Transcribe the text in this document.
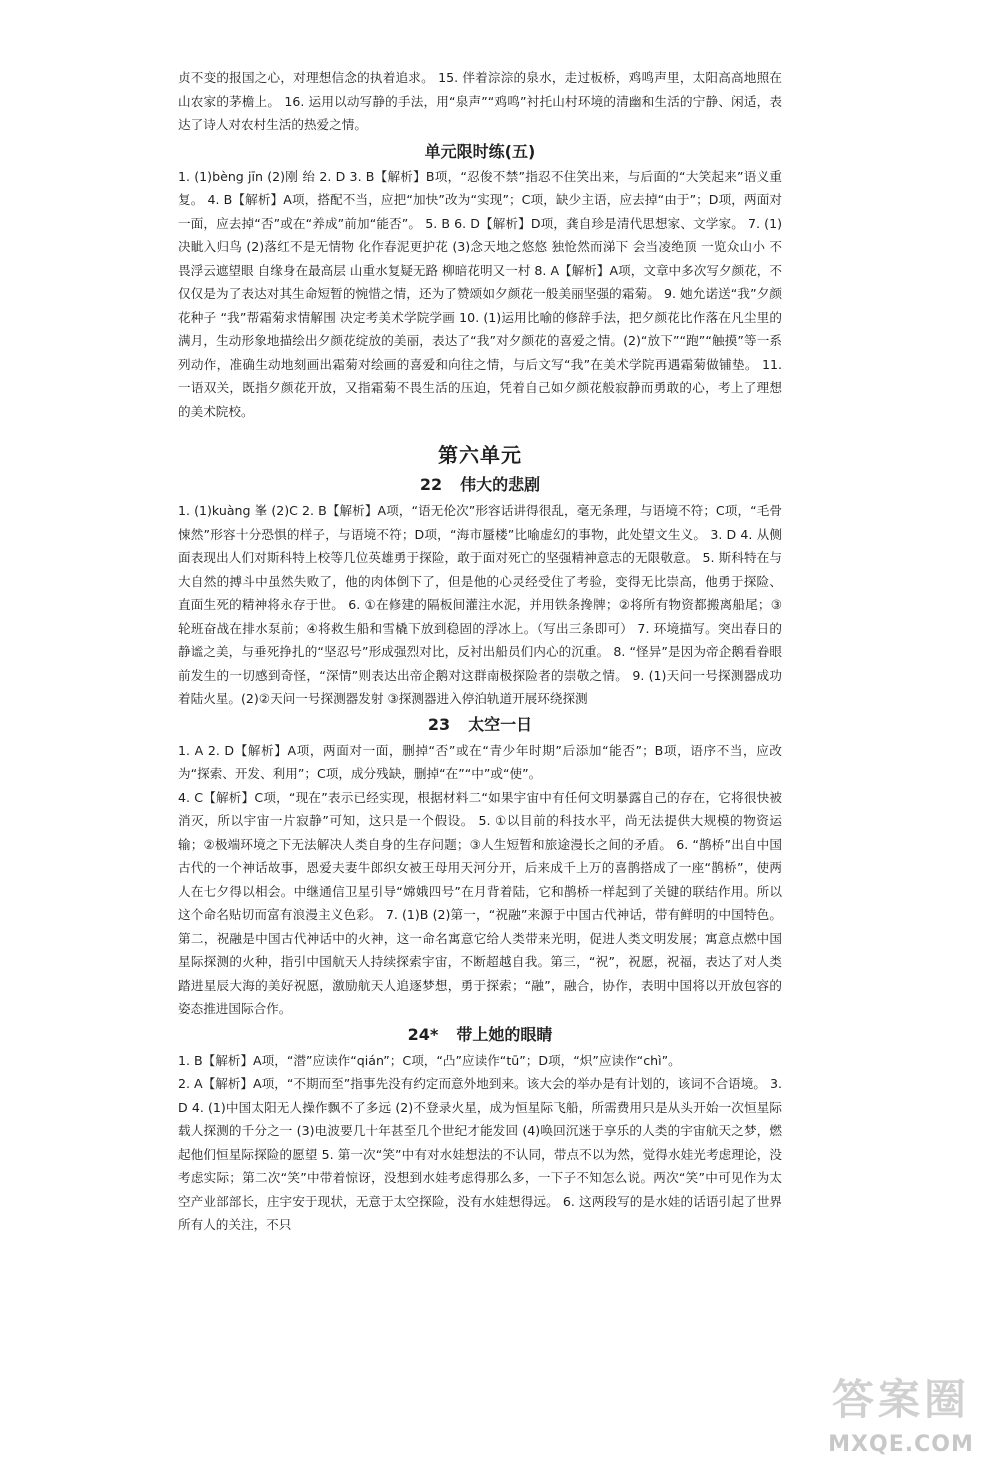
贞不变的报国之心，对理想信念的执着追求。 15. 伴着淙淙的泉水，走过板桥，鸡鸣声里，太阳高高地照在山农家的茅檐上。 16. 运用以动写静的手法，用“泉声”“鸡鸣”衬托山村环境的清幽和生活的宁静、闲适，表达了诗人对农村生活的热爱之情。

单元限时练(五)

1. (1)bèng jīn (2)刚 绐 2. D 3. B【解析】B项，“忍俊不禁”指忍不住笑出来，与后面的“大笑起来”语义重复。 4. B【解析】A项，搭配不当，应把“加快”改为“实现”；C项，缺少主语，应去掉“由于”；D项，两面对一面，应去掉“否”或在“养成”前加“能否”。 5. B 6. D【解析】D项，龚自珍是清代思想家、文学家。 7. (1)决眦入归鸟 (2)落红不是无情物 化作春泥更护花 (3)念天地之悠悠 独怆然而涕下 会当凌绝顶 一览众山小 不畏浮云遮望眼 自缘身在最高层 山重水复疑无路 柳暗花明又一村 8. A【解析】A项，文章中多次写夕颜花，不仅仅是为了表达对其生命短暂的惋惜之情，还为了赞颂如夕颜花一般美丽坚强的霜菊。 9. 她允诺送“我”夕颜花种子 “我”帮霜菊求情解围 决定考美术学院学画 10. (1)运用比喻的修辞手法，把夕颜花比作落在凡尘里的满月，生动形象地描绘出夕颜花绽放的美丽，表达了“我”对夕颜花的喜爱之情。(2)“放下”“跑”“触摸”等一系列动作，准确生动地刻画出霜菊对绘画的喜爱和向往之情，与后文写“我”在美术学院再遇霜菊做铺垫。 11. 一语双关，既指夕颜花开放，又指霜菊不畏生活的压迫，凭着自己如夕颜花般寂静而勇敢的心，考上了理想的美术院校。

第六单元
22 伟大的悲剧

1. (1)kuàng 峯 (2)C 2. B【解析】A项，“语无伦次”形容话讲得很乱，毫无条理，与语境不符；C项，“毛骨悚然”形容十分恐惧的样子，与语境不符；D项，“海市蜃楼”比喻虚幻的事物，此处望文生义。 3. D 4. 从侧面表现出人们对斯科特上校等几位英雄勇于探险，敢于面对死亡的坚强精神意志的无限敬意。 5. 斯科特在与大自然的搏斗中虽然失败了，他的肉体倒下了，但是他的心灵经受住了考验，变得无比崇高，他勇于探险、直面生死的精神将永存于世。 6. ①在修建的隔板间灌注水泥，并用铁条搀牌；②将所有物资都搬离船尾；③轮班奋战在排水泵前；④将救生船和雪橇下放到稳固的浮冰上。（写出三条即可） 7. 环境描写。突出春日的静谧之美，与垂死挣扎的“坚忍号”形成强烈对比，反衬出船员们内心的沉重。 8. “怪异”是因为帝企鹅看眷眼前发生的一切感到奇怪，“深情”则表达出帝企鹅对这群南极探险者的崇敬之情。 9. (1)天问一号探测器成功着陆火星。(2)②天问一号探测器发射 ③探测器进入停泊轨道开展环绕探测

23 太空一日

1. A 2. D【解析】A项，两面对一面，删掉“否”或在“青少年时期”后添加“能否”；B项，语序不当，应改为“探索、开发、利用”；C项，成分残缺，删掉“在”“中”或“使”。

4. C【解析】C项，“现在”表示已经实现，根据材料二“如果宇宙中有任何文明暴露自己的存在，它将很快被消灭，所以宇宙一片寂静”可知，这只是一个假设。 5. ①以目前的科技水平，尚无法提供大规模的物资运输；②极端环境之下无法解决人类自身的生存问题；③人生短暂和旅途漫长之间的矛盾。 6. “鹊桥”出自中国古代的一个神话故事，恩爱夫妻牛郎织女被王母用天河分开，后来成千上万的喜鹊搭成了一座“鹊桥”，使两人在七夕得以相会。中继通信卫星引导“嫦娥四号”在月背着陆，它和鹊桥一样起到了关键的联结作用。所以这个命名贴切而富有浪漫主义色彩。 7. (1)B (2)第一，“祝融”来源于中国古代神话，带有鲜明的中国特色。第二，祝融是中国古代神话中的火神，这一命名寓意它给人类带来光明，促进人类文明发展；寓意点燃中国星际探测的火种，指引中国航天人持续探索宇宙，不断超越自我。第三，“祝”，祝愿，祝福，表达了对人类踏进星辰大海的美好祝愿，激励航天人追逐梦想，勇于探索；“融”，融合，协作，表明中国将以开放包容的姿态推进国际合作。

24* 带上她的眼睛

1. B【解析】A项，“潜”应读作“qián”；C项，“凸”应读作“tū”；D项，“炽”应读作“chì”。

2. A【解析】A项，“不期而至”指事先没有约定而意外地到来。该大会的举办是有计划的，该词不合语境。 3. D 4. (1)中国太阳无人操作飘不了多远 (2)不登录火星，成为恒星际飞船，所需费用只是从头开始一次恒星际载人探测的千分之一 (3)电波要几十年甚至几个世纪才能发回 (4)唤回沉迷于享乐的人类的宇宙航天之梦，燃起他们恒星际探险的愿望 5. 第一次“笑”中有对水娃想法的不认同，带点不以为然，觉得水娃光考虑理论，没考虑实际；第二次“笑”中带着惊讶，没想到水娃考虑得那么多，一下子不知怎么说。两次“笑”中可见作为太空产业部部长，庄宇安于现状，无意于太空探险，没有水娃想得远。 6. 这两段写的是水娃的话语引起了世界所有人的关注，不只

答案圈
MXQE.COM
